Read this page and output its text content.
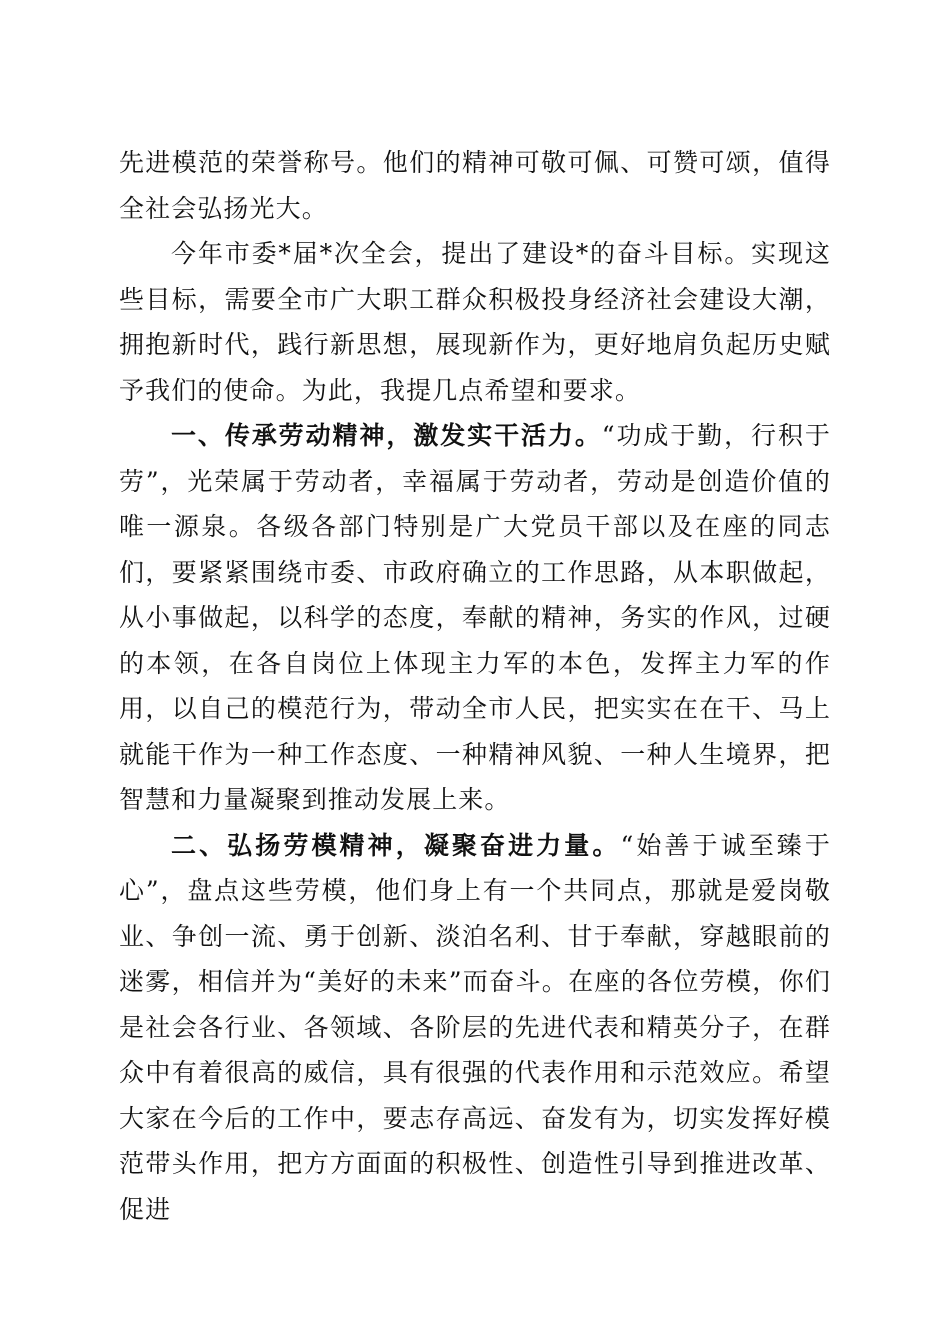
先进模范的荣誉称号。他们的精神可敬可佩、可赞可颂，值得全社会弘扬光大。

今年市委*届*次全会，提出了建设*的奋斗目标。实现这些目标，需要全市广大职工群众积极投身经济社会建设大潮，拥抱新时代，践行新思想，展现新作为，更好地肩负起历史赋予我们的使命。为此，我提几点希望和要求。

一、传承劳动精神，激发实干活力。“功成于勤，行积于劳”，光荣属于劳动者，幸福属于劳动者，劳动是创造价值的唯一源泉。各级各部门特别是广大党员干部以及在座的同志们，要紧紧围绕市委、市政府确立的工作思路，从本职做起，从小事做起，以科学的态度，奉献的精神，务实的作风，过硬的本领，在各自岗位上体现主力军的本色，发挥主力军的作用，以自己的模范行为，带动全市人民，把实实在在干、马上就能干作为一种工作态度、一种精神风貌、一种人生境界，把智慧和力量凝聚到推动发展上来。

二、弘扬劳模精神，凝聚奋进力量。“始善于诚至臻于心”，盘点这些劳模，他们身上有一个共同点，那就是爱岗敬业、争创一流、勇于创新、淡泊名利、甘于奉献，穿越眼前的迷雾，相信并为“美好的未来”而奋斗。在座的各位劳模，你们是社会各行业、各领域、各阶层的先进代表和精英分子，在群众中有着很高的威信，具有很强的代表作用和示范效应。希望大家在今后的工作中，要志存高远、奋发有为，切实发挥好模范带头作用，把方方面面的积极性、创造性引导到推进改革、促进
